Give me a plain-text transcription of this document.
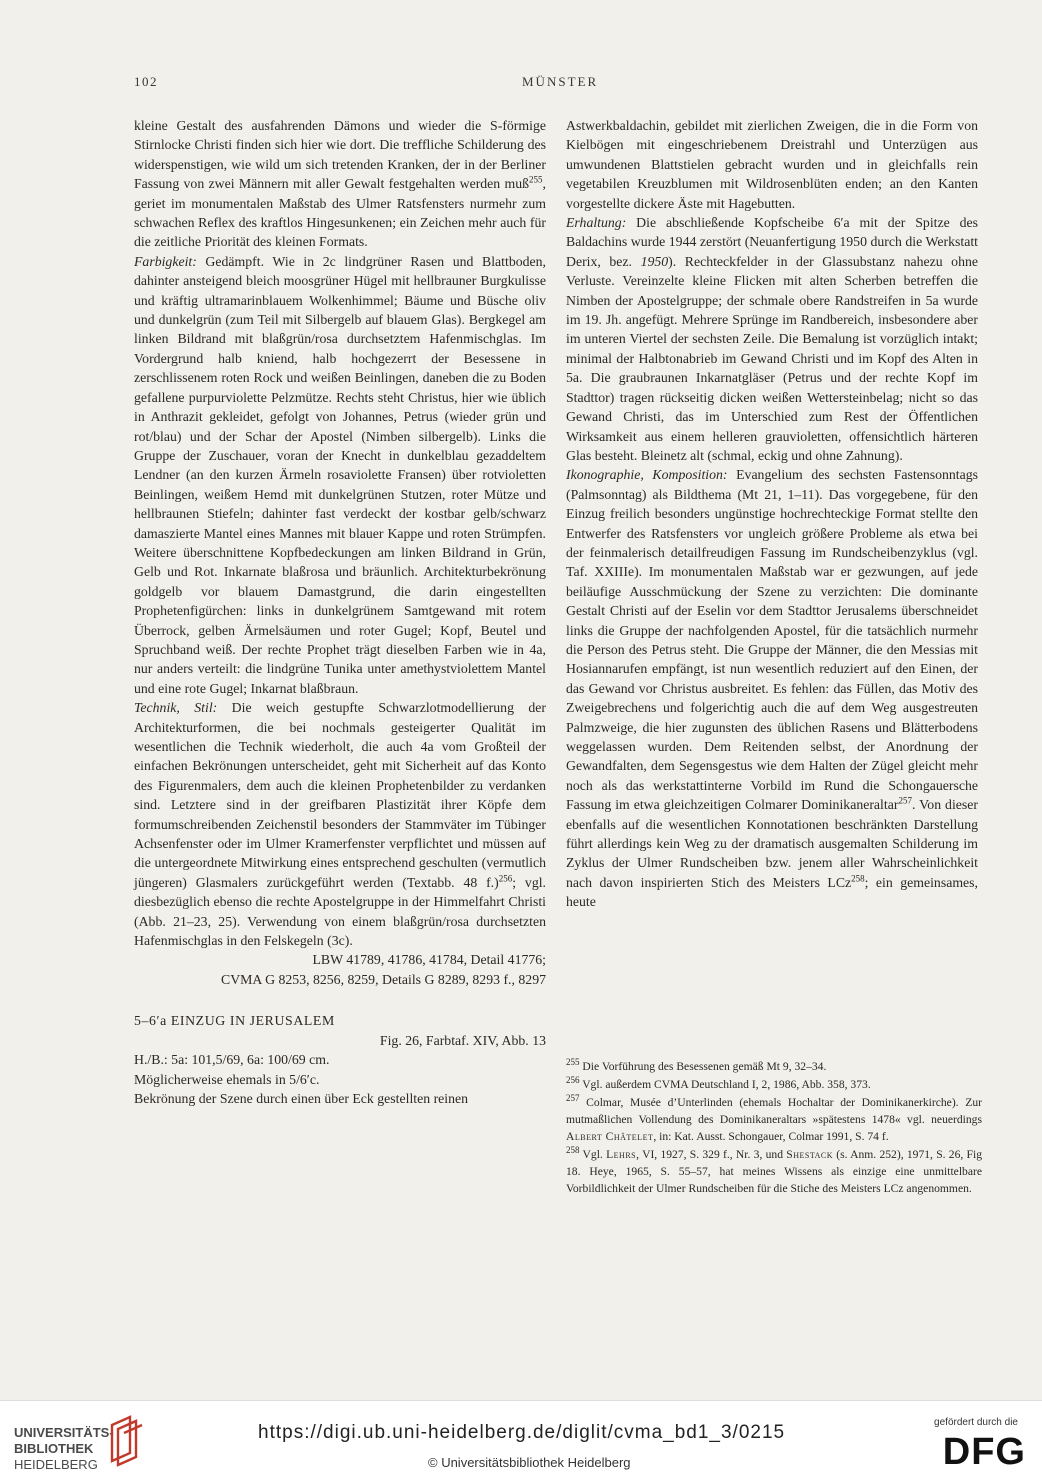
102	MÜNSTER

kleine Gestalt des ausfahrenden Dämons und wieder die S-förmige Stirnlocke Christi finden sich hier wie dort. Die treffliche Schilderung des widerspenstigen, wie wild um sich tretenden Kranken, der in der Berliner Fassung von zwei Männern mit aller Gewalt festgehalten werden muß$^{255}$, geriet im monumentalen Maßstab des Ulmer Ratsfensters nurmehr zum schwachen Reflex des kraftlos Hingesunkenen; ein Zeichen mehr auch für die zeitliche Priorität des kleinen Formats.

Farbigkeit: Gedämpft. Wie in 2c lindgrüner Rasen und Blattboden, dahinter ansteigend bleich moosgrüner Hügel mit hellbrauner Burgkulisse und kräftig ultramarinblauem Wolkenhimmel; Bäume und Büsche oliv und dunkelgrün (zum Teil mit Silbergelb auf blauem Glas). Bergkegel am linken Bildrand mit blaßgrün/rosa durchsetztem Hafenmischglas. Im Vordergrund halb kniend, halb hochgezerrt der Besessene in zerschlissenem roten Rock und weißen Beinlingen, daneben die zu Boden gefallene purpurviolette Pelzmütze. Rechts steht Christus, hier wie üblich in Anthrazit gekleidet, gefolgt von Johannes, Petrus (wieder grün und rot/blau) und der Schar der Apostel (Nimben silbergelb). Links die Gruppe der Zuschauer, voran der Knecht in dunkelblau gezaddeltem Lendner (an den kurzen Ärmeln rosaviolette Fransen) über rotvioletten Beinlingen, weißem Hemd mit dunkelgrünen Stutzen, roter Mütze und hellbraunen Stiefeln; dahinter fast verdeckt der kostbar gelb/schwarz damaszierte Mantel eines Mannes mit blauer Kappe und roten Strümpfen. Weitere überschnittene Kopfbedeckungen am linken Bildrand in Grün, Gelb und Rot. Inkarnate blaßrosa und bräunlich. Architekturbekrönung goldgelb vor blauem Damastgrund, die darin eingestellten Prophetenfigürchen: links in dunkelgrünem Samtgewand mit rotem Überrock, gelben Ärmelsäumen und roter Gugel; Kopf, Beutel und Spruchband weiß. Der rechte Prophet trägt dieselben Farben wie in 4a, nur anders verteilt: die lindgrüne Tunika unter amethystviolettem Mantel und eine rote Gugel; Inkarnat blaßbraun.

Technik, Stil: Die weich gestupfte Schwarzlotmodellierung der Architekturformen, die bei nochmals gesteigerter Qualität im wesentlichen die Technik wiederholt, die auch 4a vom Großteil der einfachen Bekrönungen unterscheidet, geht mit Sicherheit auf das Konto des Figurenmalers, dem auch die kleinen Prophetenbilder zu verdanken sind. Letztere sind in der greifbaren Plastizität ihrer Köpfe dem formumschreibenden Zeichenstil besonders der Stammväter im Tübinger Achsenfenster oder im Ulmer Kramerfenster verpflichtet und müssen auf die untergeordnete Mitwirkung eines entsprechend geschulten (vermutlich jüngeren) Glasmalers zurückgeführt werden (Textabb. 48 f.)$^{256}$; vgl. diesbezüglich ebenso die rechte Apostelgruppe in der Himmelfahrt Christi (Abb. 21–23, 25). Verwendung von einem blaßgrün/rosa durchsetzten Hafenmischglas in den Felskegeln (3c).

LBW 41789, 41786, 41784, Detail 41776;

CVMA G 8253, 8256, 8259, Details G 8289, 8293 f., 8297

5–6′a EINZUG IN JERUSALEM

Fig. 26, Farbtaf. XIV, Abb. 13

H./B.: 5a: 101,5/69, 6a: 100/69 cm.

Möglicherweise ehemals in 5/6′c.

Bekrönung der Szene durch einen über Eck gestellten reinen

Astwerkbaldachin, gebildet mit zierlichen Zweigen, die in die Form von Kielbögen mit eingeschriebenem Dreistrahl und Unterzügen aus umwundenen Blattstielen gebracht wurden und in gleichfalls rein vegetabilen Kreuzblumen mit Wildrosenblüten enden; an den Kanten vorgestellte dickere Äste mit Hagebutten.

Erhaltung: Die abschließende Kopfscheibe 6′a mit der Spitze des Baldachins wurde 1944 zerstört (Neuanfertigung 1950 durch die Werkstatt Derix, bez. 1950). Rechteckfelder in der Glassubstanz nahezu ohne Verluste. Vereinzelte kleine Flicken mit alten Scherben betreffen die Nimben der Apostelgruppe; der schmale obere Randstreifen in 5a wurde im 19. Jh. angefügt. Mehrere Sprünge im Randbereich, insbesondere aber im unteren Viertel der sechsten Zeile. Die Bemalung ist vorzüglich intakt; minimal der Halbtonabrieb im Gewand Christi und im Kopf des Alten in 5a. Die graubraunen Inkarnatgläser (Petrus und der rechte Kopf im Stadttor) tragen rückseitig dicken weißen Wettersteinbelag; nicht so das Gewand Christi, das im Unterschied zum Rest der Öffentlichen Wirksamkeit aus einem helleren grauvioletten, offensichtlich härteren Glas besteht. Bleinetz alt (schmal, eckig und ohne Zahnung).

Ikonographie, Komposition: Evangelium des sechsten Fastensonntags (Palmsonntag) als Bildthema (Mt 21, 1–11). Das vorgegebene, für den Einzug freilich besonders ungünstige hochrechteckige Format stellte den Entwerfer des Ratsfensters vor ungleich größere Probleme als etwa bei der feinmalerisch detailfreudigen Fassung im Rundscheibenzyklus (vgl. Taf. XXIIIe). Im monumentalen Maßstab war er gezwungen, auf jede beiläufige Ausschmückung der Szene zu verzichten: Die dominante Gestalt Christi auf der Eselin vor dem Stadttor Jerusalems überschneidet links die Gruppe der nachfolgenden Apostel, für die tatsächlich nurmehr die Person des Petrus steht. Die Gruppe der Männer, die den Messias mit Hosiannarufen empfängt, ist nun wesentlich reduziert auf den Einen, der das Gewand vor Christus ausbreitet. Es fehlen: das Füllen, das Motiv des Zweigebrechens und folgerichtig auch die auf dem Weg ausgestreuten Palmzweige, die hier zugunsten des üblichen Rasens und Blätterbodens weggelassen wurden. Dem Reitenden selbst, der Anordnung der Gewandfalten, dem Segensgestus wie dem Halten der Zügel gleicht mehr noch als das werkstattinterne Vorbild im Rund die Schongauersche Fassung im etwa gleichzeitigen Colmarer Dominikaneraltar$^{257}$. Von dieser ebenfalls auf die wesentlichen Konnotationen beschränkten Darstellung führt allerdings kein Weg zu der dramatisch ausgemalten Schilderung im Zyklus der Ulmer Rundscheiben bzw. jenem aller Wahrscheinlichkeit nach davon inspirierten Stich des Meisters LCz$^{258}$; ein gemeinsames, heute

$^{255}$ Die Vorführung des Besessenen gemäß Mt 9, 32–34.

$^{256}$ Vgl. außerdem CVMA Deutschland I, 2, 1986, Abb. 358, 373.

$^{257}$ Colmar, Musée d’Unterlinden (ehemals Hochaltar der Dominikanerkirche). Zur mutmaßlichen Vollendung des Dominikaneraltars »spätestens 1478« vgl. neuerdings Albert Châtelet, in: Kat. Ausst. Schongauer, Colmar 1991, S. 74 f.

$^{258}$ Vgl. Lehrs, VI, 1927, S. 329 f., Nr. 3, und Shestack (s. Anm. 252), 1971, S. 26, Fig 18. Heye, 1965, S. 55–57, hat meines Wissens als einzige eine unmittelbare Vorbildlichkeit der Ulmer Rundscheiben für die Stiche des Meisters LCz angenommen.

UNIVERSITÄTS-
BIBLIOTHEK
HEIDELBERG
https://digi.ub.uni-heidelberg.de/diglit/cvma_bd1_3/0215
© Universitätsbibliothek Heidelberg
gefördert durch die
DFG
